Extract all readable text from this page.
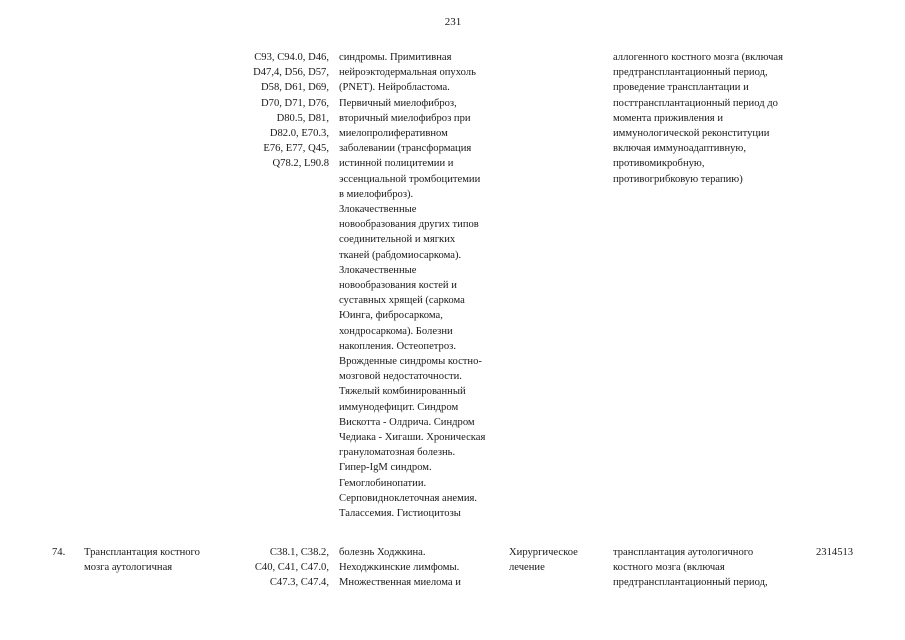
231
C93, C94.0, D46,
D47,4, D56, D57,
D58, D61, D69,
D70, D71, D76,
D80.5, D81,
D82.0, E70.3,
E76, E77, Q45,
Q78.2, L90.8
синдромы. Примитивная
нейроэктодермальная опухоль
(PNET). Нейробластома.
Первичный миелофиброз,
вторичный миелофиброз при
миелопролиферативном
заболевании (трансформация
истинной полицитемии и
эссенциальной тромбоцитемии
в миелофиброз).
Злокачественные
новообразования других типов
соединительной и мягких
тканей (рабдомиосаркома).
Злокачественные
новообразования костей и
суставных хрящей (саркома
Юинга, фибросаркома,
хондросаркома). Болезни
накопления. Остеопетроз.
Врожденные синдромы костно-
мозговой недостаточности.
Тяжелый комбинированный
иммунодефицит. Синдром
Вискотта - Олдрича. Синдром
Чедиака - Хигаши. Хроническая
грануломатозная болезнь.
Гипер-IgM синдром.
Гемоглобинопатии.
Серповидноклеточная анемия.
Талассемия. Гистиоцитозы
аллогенного костного мозга (включая
предтрансплантационный период,
проведение трансплантации и
посттрансплантационный период до
момента приживления и
иммунологической реконституции
включая иммуноадаптивную,
противомикробную,
противогрибковую терапию)
74.	Трансплантация костного
мозга аутологичная
C38.1, C38.2,
C40, C41, C47.0,
C47.3, C47.4,
болезнь Ходжкина.
Неходжкинские лимфомы.
Множественная миелома и
Хирургическое
лечение
трансплантация аутологичного
костного мозга (включая
предтрансплантационный период,
2314513
